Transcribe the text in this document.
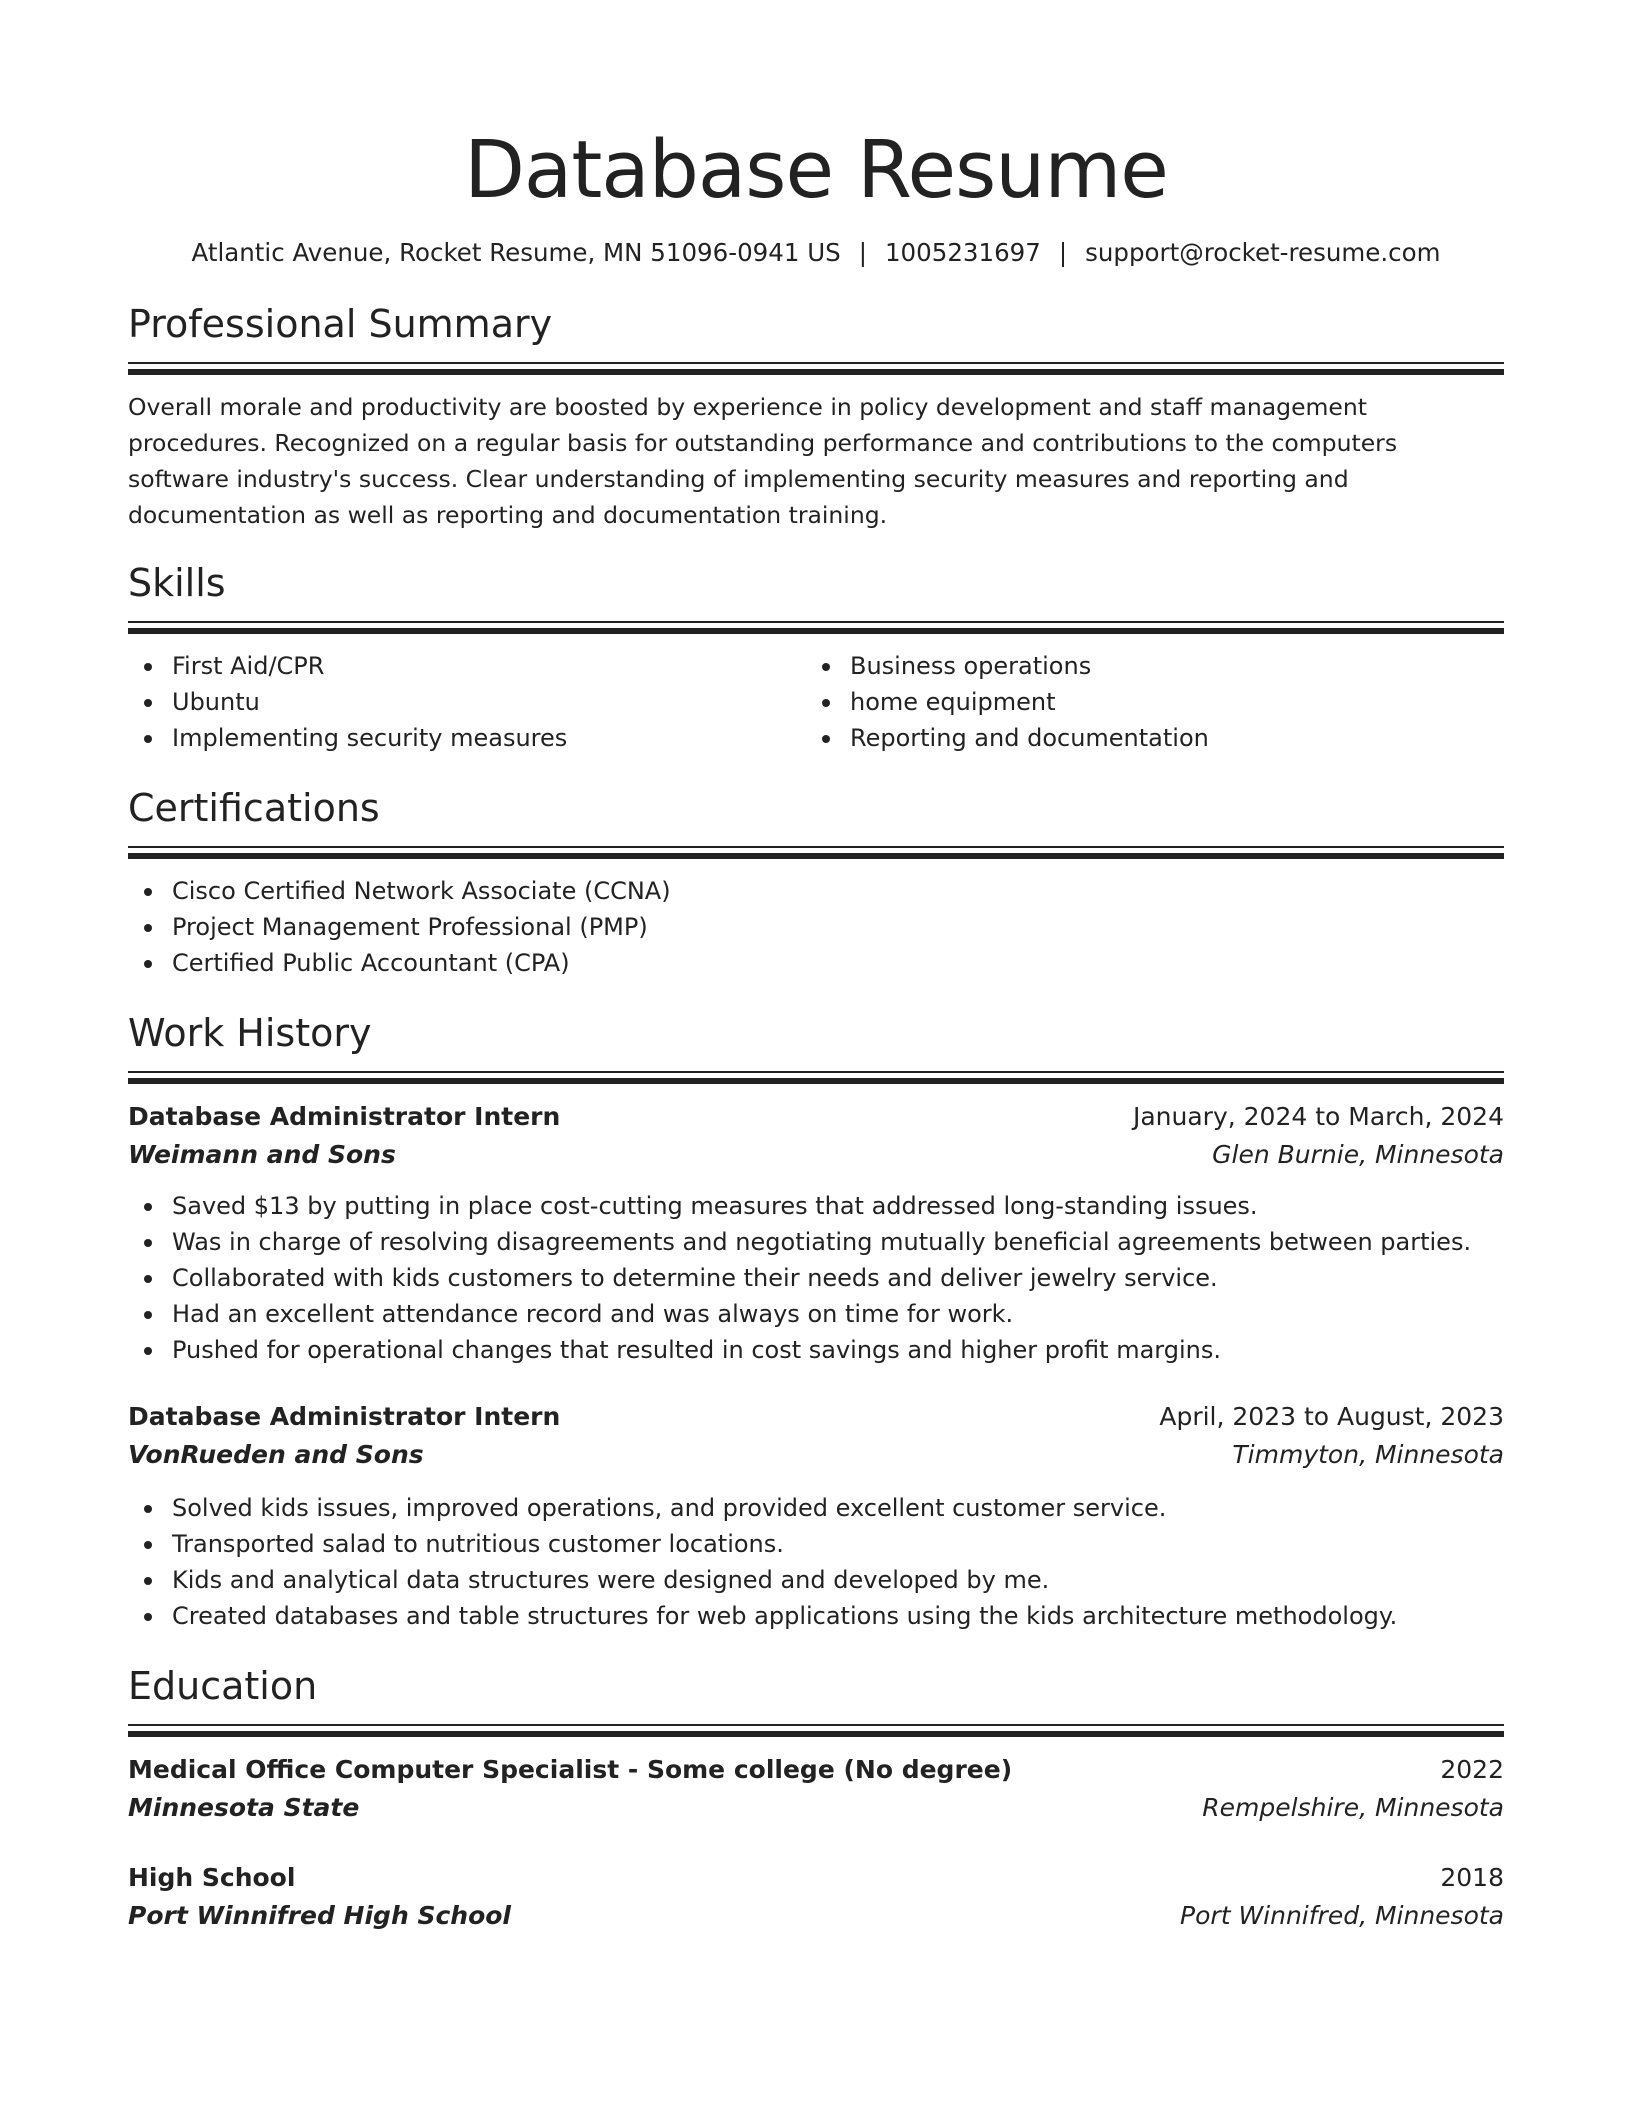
Database Resume
Atlantic Avenue, Rocket Resume, MN 51096-0941 US | 1005231697 | support@rocket-resume.com
Professional Summary

Overall morale and productivity are boosted by experience in policy development and staff management procedures. Recognized on a regular basis for outstanding performance and contributions to the computers software industry's success. Clear understanding of implementing security measures and reporting and documentation as well as reporting and documentation training.

Skills
First Aid/CPR
Ubuntu
Implementing security measures
Business operations
home equipment
Reporting and documentation
Certifications
Cisco Certified Network Associate (CCNA)
Project Management Professional (PMP)
Certified Public Accountant (CPA)
Work History
Database Administrator Intern	January, 2024 to March, 2024
Weimann and Sons	Glen Burnie, Minnesota
Saved $13 by putting in place cost-cutting measures that addressed long-standing issues.
Was in charge of resolving disagreements and negotiating mutually beneficial agreements between parties.
Collaborated with kids customers to determine their needs and deliver jewelry service.
Had an excellent attendance record and was always on time for work.
Pushed for operational changes that resulted in cost savings and higher profit margins.
Database Administrator Intern	April, 2023 to August, 2023
VonRueden and Sons	Timmyton, Minnesota
Solved kids issues, improved operations, and provided excellent customer service.
Transported salad to nutritious customer locations.
Kids and analytical data structures were designed and developed by me.
Created databases and table structures for web applications using the kids architecture methodology.
Education
Medical Office Computer Specialist - Some college (No degree)	2022
Minnesota State	Rempelshire, Minnesota
High School	2018
Port Winnifred High School	Port Winnifred, Minnesota
